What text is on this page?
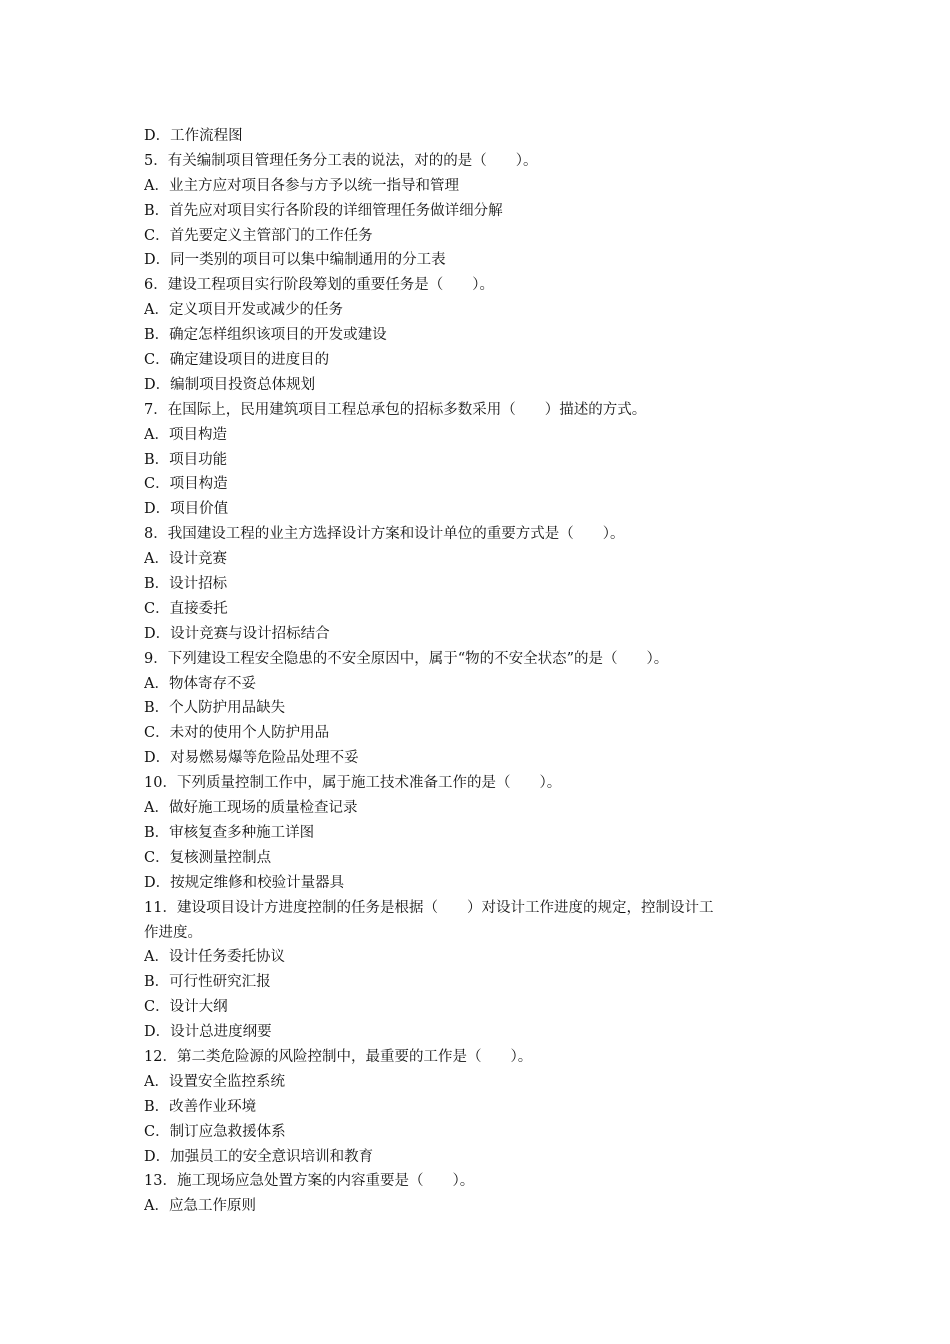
D．工作流程图
5．有关编制项目管理任务分工表的说法，对的的是（　　）。
A．业主方应对项目各参与方予以统一指导和管理
B．首先应对项目实行各阶段的详细管理任务做详细分解
C．首先要定义主管部门的工作任务
D．同一类别的项目可以集中编制通用的分工表
6．建设工程项目实行阶段筹划的重要任务是（　　）。
A．定义项目开发或减少的任务
B．确定怎样组织该项目的开发或建设
C．确定建设项目的进度目的
D．编制项目投资总体规划
7．在国际上，民用建筑项目工程总承包的招标多数采用（　　）描述的方式。
A．项目构造
B．项目功能
C．项目构造
D．项目价值
8．我国建设工程的业主方选择设计方案和设计单位的重要方式是（　　）。
A．设计竞赛
B．设计招标
C．直接委托
D．设计竞赛与设计招标结合
9．下列建设工程安全隐患的不安全原因中，属于“物的不安全状态”的是（　　）。
A．物体寄存不妥
B．个人防护用品缺失
C．未对的使用个人防护用品
D．对易燃易爆等危险品处理不妥
10．下列质量控制工作中，属于施工技术准备工作的是（　　）。
A．做好施工现场的质量检查记录
B．审核复查多种施工详图
C．复核测量控制点
D．按规定维修和校验计量器具
11．建设项目设计方进度控制的任务是根据（　　）对设计工作进度的规定，控制设计工
作进度。
A．设计任务委托协议
B．可行性研究汇报
C．设计大纲
D．设计总进度纲要
12．第二类危险源的风险控制中，最重要的工作是（　　）。
A．设置安全监控系统
B．改善作业环境
C．制订应急救援体系
D．加强员工的安全意识培训和教育
13．施工现场应急处置方案的内容重要是（　　）。
A．应急工作原则
